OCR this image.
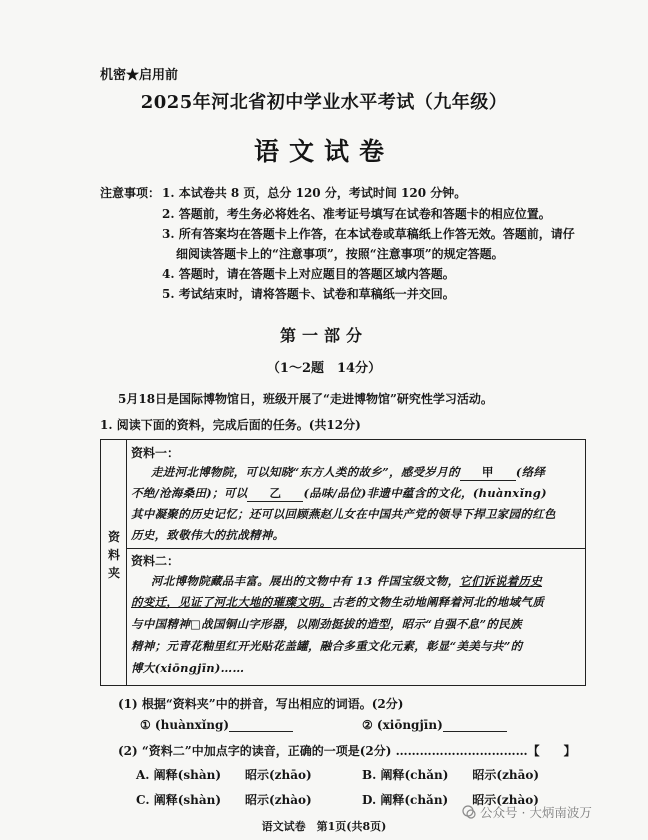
机密★启用前
2025年河北省初中学业水平考试（九年级）
语文试卷
注意事项： 1. 本试卷共 8 页，总分 120 分，考试时间 120 分钟。
2. 答题前，考生务必将姓名、准考证号填写在试卷和答题卡的相应位置。
3. 所有答案均在答题卡上作答，在本试卷或草稿纸上作答无效。答题前，请仔
细阅读答题卡上的“注意事项”，按照“注意事项”的规定答题。
4. 答题时，请在答题卡上对应题目的答题区域内答题。
5. 考试结束时，请将答题卡、试卷和草稿纸一并交回。
第一部分
（1～2题　14分）
5月18日是国际博物馆日，班级开展了“走进博物馆”研究性学习活动。
1. 阅读下面的资料，完成后面的任务。(共12分)
资料夹
资料一：
走进河北博物院，可以知晓“东方人类的故乡”，感受岁月的 甲 (络绎
不绝/沧海桑田)；可以 乙 (品味/品位)非遗中蕴含的文化，(huànxǐng)
其中凝聚的历史记忆；还可以回顾燕赵儿女在中国共产党的领导下捍卫家园的红色
历史，致敬伟大的抗战精神。
资料二：
河北博物院藏品丰富。展出的文物中有 13 件国宝级文物，它们诉说着历史
的变迁，见证了河北大地的璀璨文明。古老的文物生动地阐释着河北的地域气质
与中国精神□战国铜山字形器，以刚劲挺拔的造型，昭示“自强不息”的民族
精神；元青花釉里红开光贴花盖罐，融合多重文化元素，彰显“美美与共”的
博大(xiōngjīn)……
(1) 根据“资料夹”中的拼音，写出相应的词语。(2分)
① (huànxǐng)	② (xiōngjīn)
(2) “资料二”中加点字的读音，正确的一项是(2分) ……………………………【　　】
A. 阐释(shàn)　　昭示(zhāo)	B. 阐释(chǎn)　　昭示(zhāo)
C. 阐释(shàn)　　昭示(zhào)	D. 阐释(chǎn)　　昭示(zhào)
公众号 · 大炳南波万
语文试卷　第1页(共8页)
